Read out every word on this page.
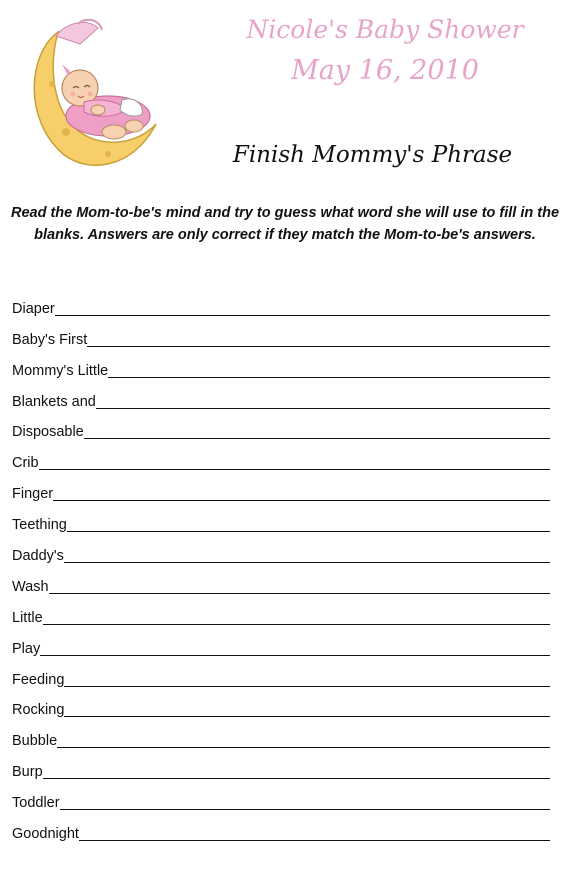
Nicole's Baby Shower
May 16, 2010
Finish Mommy's Phrase
Read the Mom-to-be's mind and try to guess what word she will use to fill in the blanks. Answers are only correct if they match the Mom-to-be's answers.
Diaper
Baby's First
Mommy's Little
Blankets and
Disposable
Crib
Finger
Teething
Daddy's
Wash
Little
Play
Feeding
Rocking
Bubble
Burp
Toddler
Goodnight
